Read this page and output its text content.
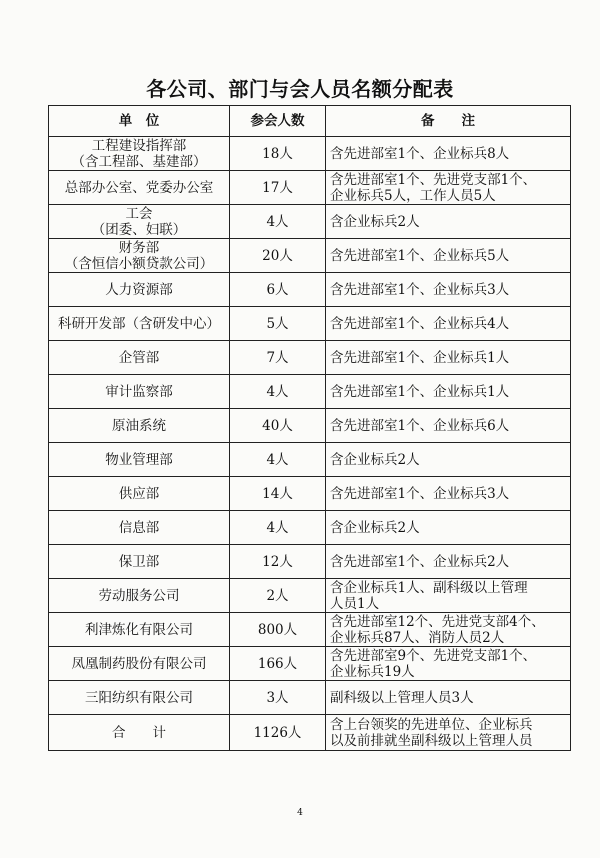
各公司、部门与会人员名额分配表
单　位	参会人数	备　　注

工程建设指挥部
（含工程部、基建部）	18人	含先进部室1个、企业标兵8人

总部办公室、党委办公室	17人	含先进部室1个、先进党支部1个、
企业标兵5人，工作人员5人

工会
（团委、妇联）	4人	含企业标兵2人

财务部
（含恒信小额贷款公司）	20人	含先进部室1个、企业标兵5人

人力资源部	6人	含先进部室1个、企业标兵3人

科研开发部（含研发中心）	5人	含先进部室1个、企业标兵4人

企管部	7人	含先进部室1个、企业标兵1人

审计监察部	4人	含先进部室1个、企业标兵1人

原油系统	40人	含先进部室1个、企业标兵6人

物业管理部	4人	含企业标兵2人

供应部	14人	含先进部室1个、企业标兵3人

信息部	4人	含企业标兵2人

保卫部	12人	含先进部室1个、企业标兵2人

劳动服务公司	2人	含企业标兵1人、副科级以上管理
人员1人

利津炼化有限公司	800人	含先进部室12个、先进党支部4个、
企业标兵87人、消防人员2人

凤凰制药股份有限公司	166人	含先进部室9个、先进党支部1个、
企业标兵19人

三阳纺织有限公司	3人	副科级以上管理人员3人

合　　计	1126人	含上台领奖的先进单位、企业标兵
以及前排就坐副科级以上管理人员
4
